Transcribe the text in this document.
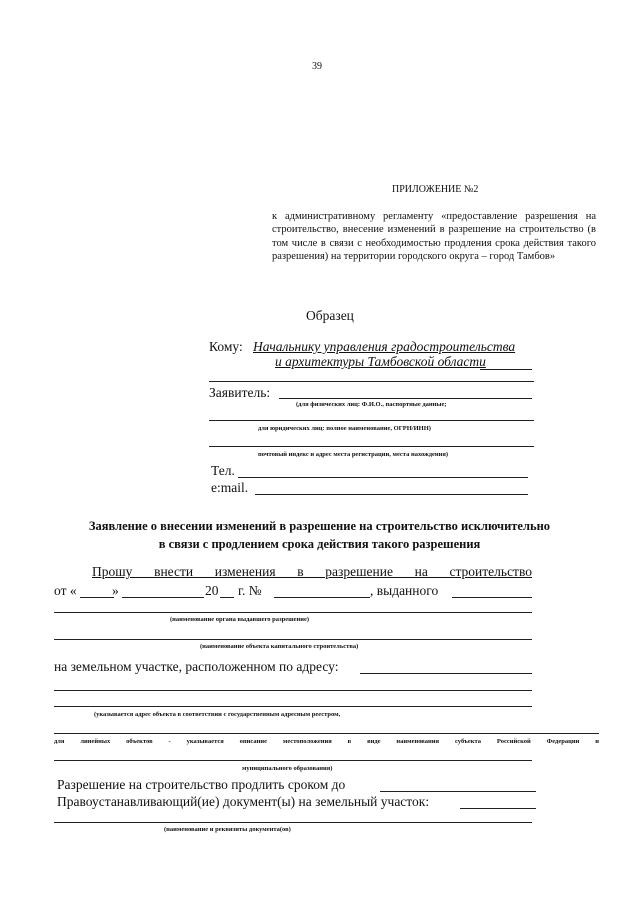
39
ПРИЛОЖЕНИЕ №2
к административному регламенту «предоставление разрешения на строительство, внесение изменений в разрешение на строительство (в том числе в связи с необходимостью продления срока действия такого разрешения) на территории городского округа – город Тамбов»
Образец
Кому: Начальнику управления градостроительства
и архитектуры Тамбовской области
Заявитель:
(для физических лиц: Ф.И.О., паспортные данные;
для юридических лиц: полное наименование, ОГРН/ИНН)
почтовый индекс и адрес места регистрации, места нахождения)
Тел.
e:mail.
Заявление о внесении изменений в разрешение на строительство исключительно
в связи с продлением срока действия такого разрешения
Прошу внести изменения в разрешение на строительство
от «	»	20 г. №	, выданного
(наименование органа выдавшего разрешение)
(наименование объекта капитального строительства)
на земельном участке, расположенном по адресу:
(указывается адрес объекта в соответствии с государственным адресным реестром,
для линейных объектов - указывается описание местоположения в виде наименования субъекта Российской Федерации и
муниципального образования)
Разрешение на строительство продлить сроком до
Правоустанавливающий(ие) документ(ы) на земельный участок:
(наименование и реквизиты документа(ов)
